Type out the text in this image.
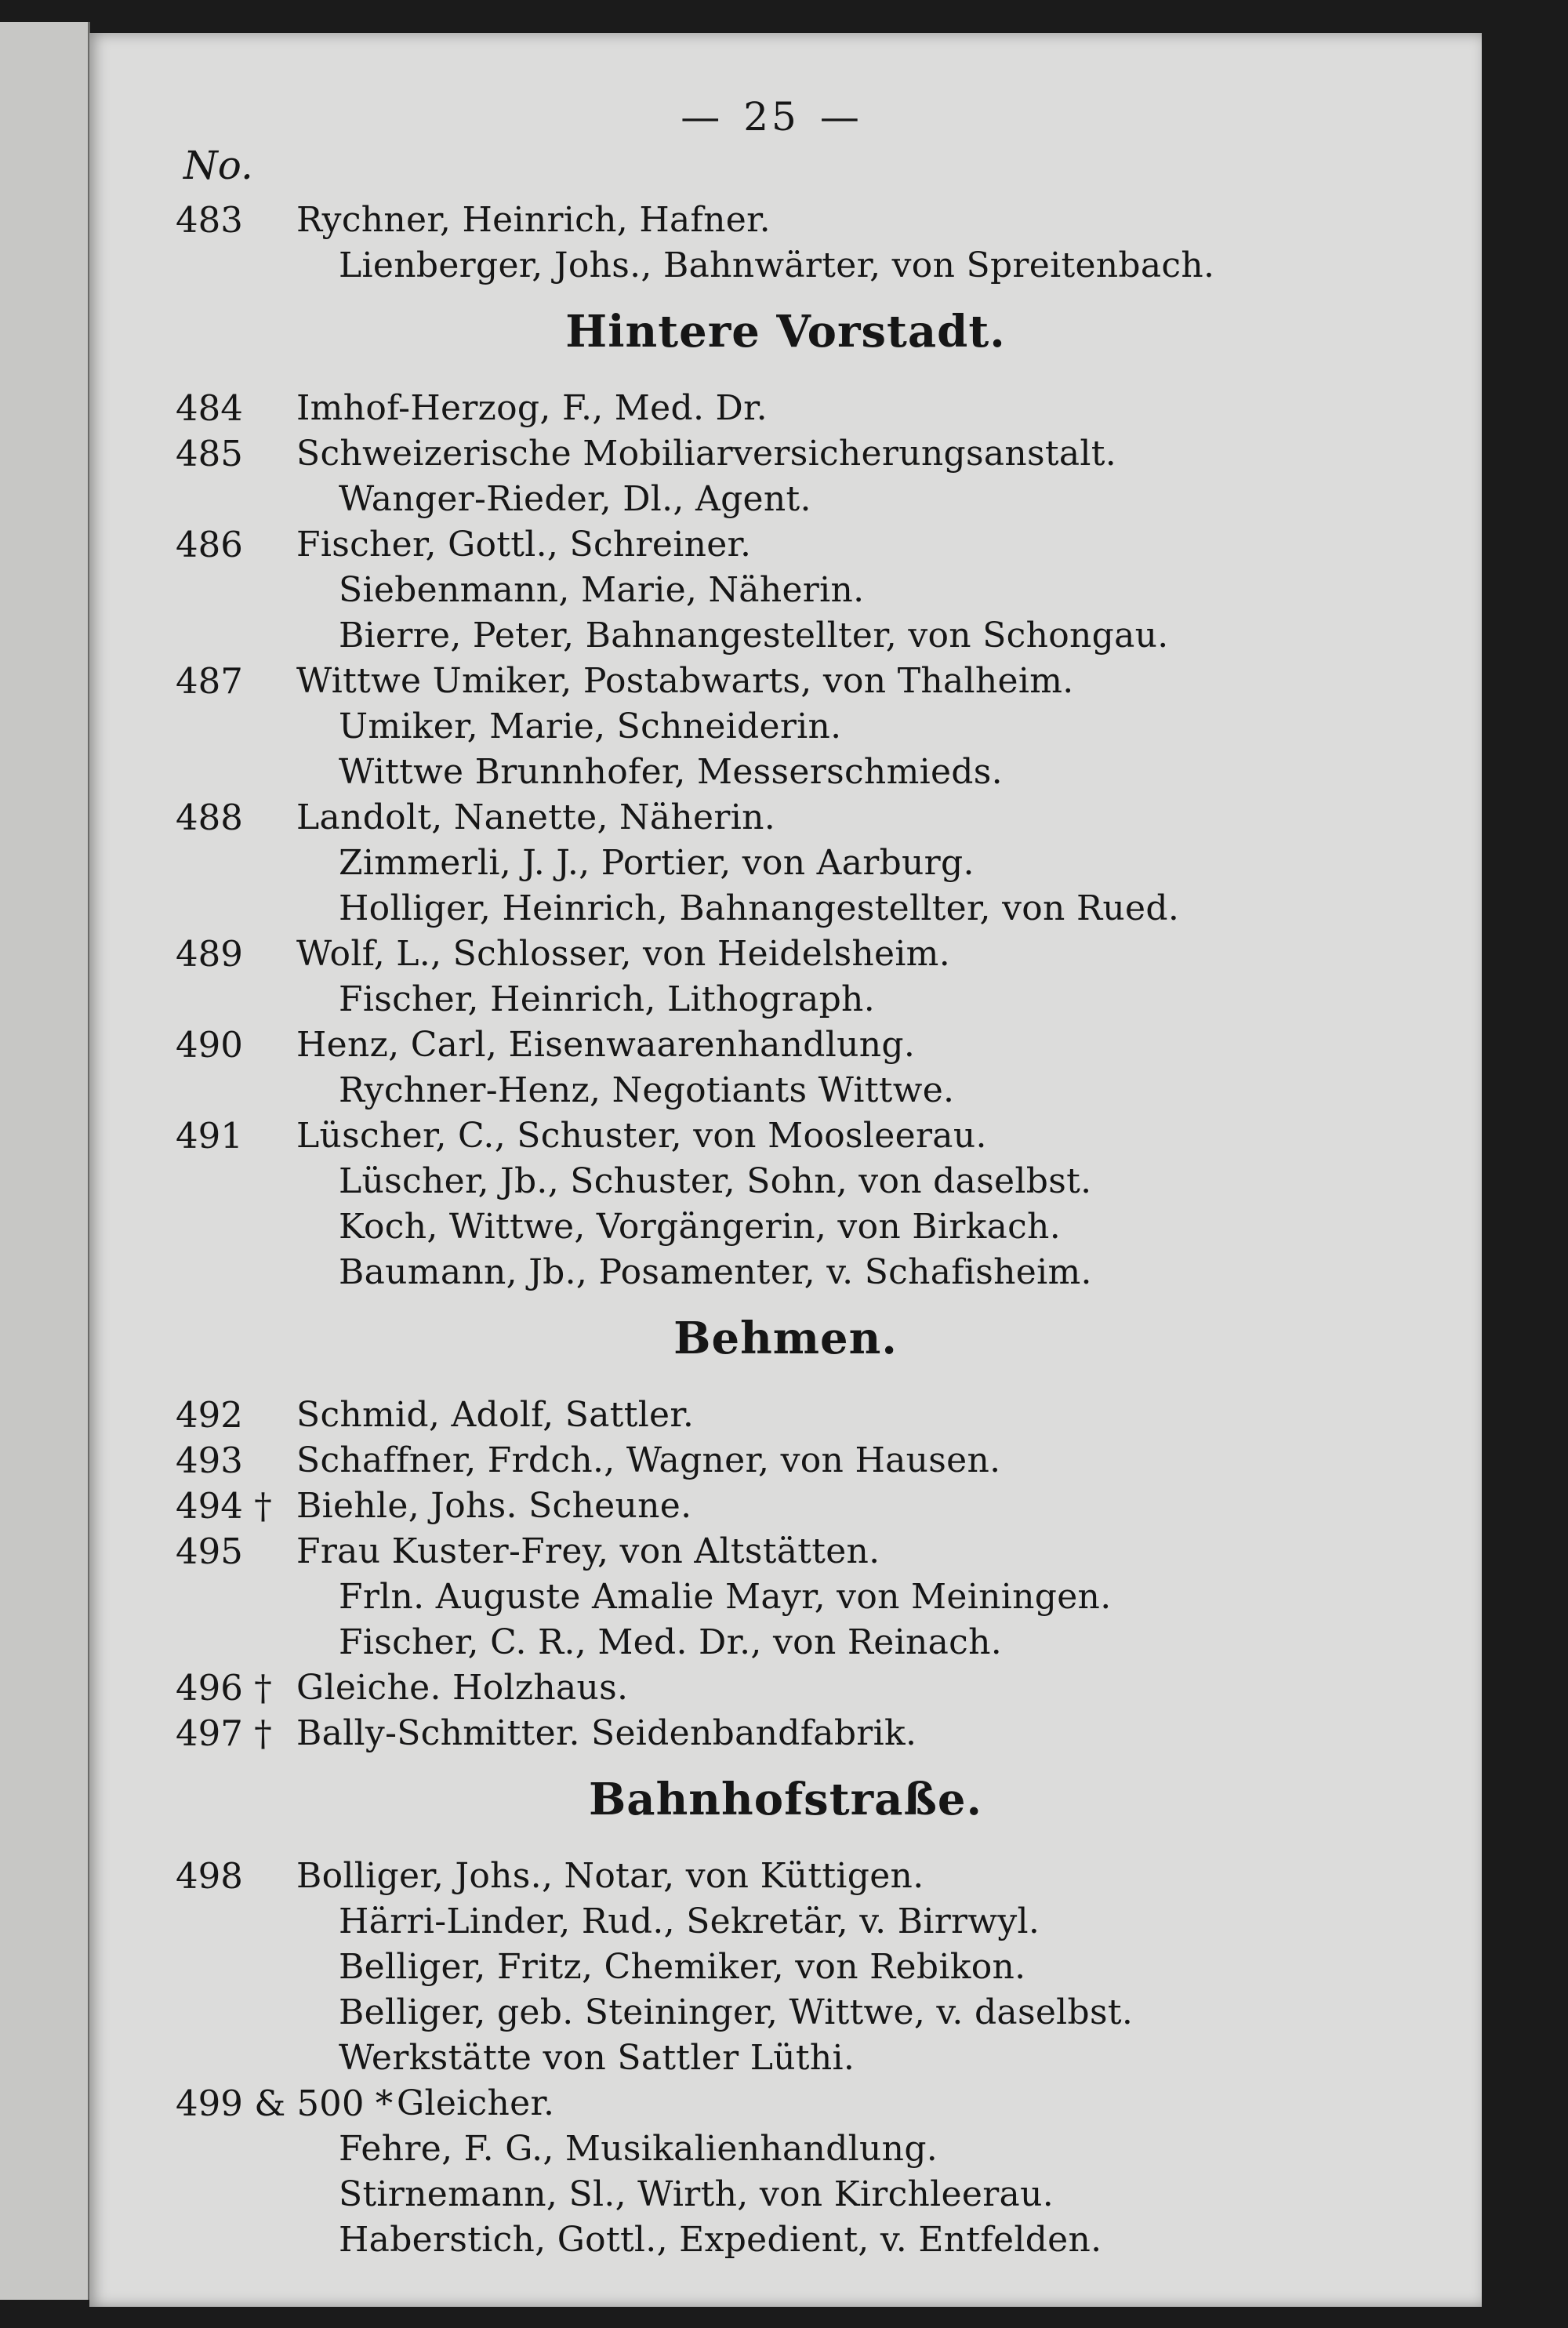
— 25 —
No.
483 Rychner, Heinrich, Hafner.
Lienberger, Johs., Bahnwärter, von Spreitenbach.
Hintere Vorstadt.
484 Imhof-Herzog, F., Med. Dr.
485 Schweizerische Mobiliarversicherungsanstalt.
Wanger-Rieder, Dl., Agent.
486 Fischer, Gottl., Schreiner.
Siebenmann, Marie, Näherin.
Bierre, Peter, Bahnangestellter, von Schongau.
487 Wittwe Umiker, Postabwarts, von Thalheim.
Umiker, Marie, Schneiderin.
Wittwe Brunnhofer, Messerschmieds.
488 Landolt, Nanette, Näherin.
Zimmerli, J. J., Portier, von Aarburg.
Holliger, Heinrich, Bahnangestellter, von Rued.
489 Wolf, L., Schlosser, von Heidelsheim.
Fischer, Heinrich, Lithograph.
490 Henz, Carl, Eisenwaarenhandlung.
Rychner-Henz, Negotiants Wittwe.
491 Lüscher, C., Schuster, von Moosleerau.
Lüscher, Jb., Schuster, Sohn, von daselbst.
Koch, Wittwe, Vorgängerin, von Birkach.
Baumann, Jb., Posamenter, v. Schafisheim.
Behmen.
492 Schmid, Adolf, Sattler.
493 Schaffner, Frdch., Wagner, von Hausen.
494 † Biehle, Johs. Scheune.
495 Frau Kuster-Frey, von Altstätten.
Frln. Auguste Amalie Mayr, von Meiningen.
Fischer, C. R., Med. Dr., von Reinach.
496 † Gleiche. Holzhaus.
497 † Bally-Schmitter. Seidenbandfabrik.
Bahnhofstraße.
498 Bolliger, Johs., Notar, von Küttigen.
Härri-Linder, Rud., Sekretär, v. Birrwyl.
Belliger, Fritz, Chemiker, von Rebikon.
Belliger, geb. Steininger, Wittwe, v. daselbst.
Werkstätte von Sattler Lüthi.
499 & 500 * Gleicher.
Fehre, F. G., Musikalienhandlung.
Stirnemann, Sl., Wirth, von Kirchleerau.
Haberstich, Gottl., Expedient, v. Entfelden.
